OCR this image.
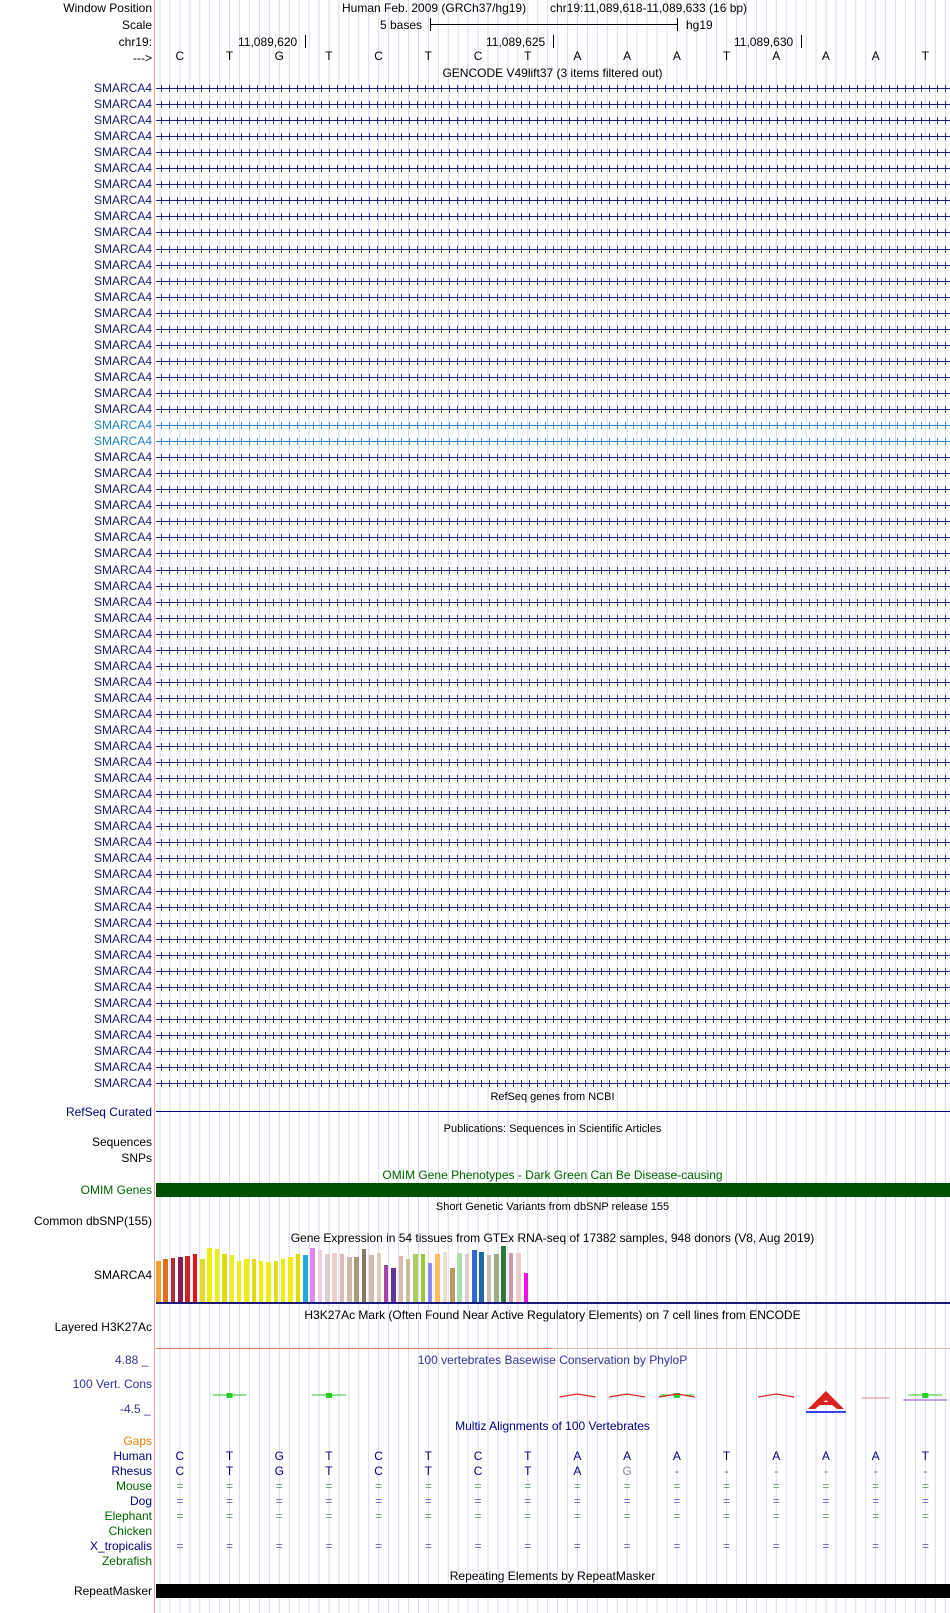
Window Position
Scale
chr19:
--->
Human Feb. 2009 (GRCh37/hg19) chr19:11,089,618-11,089,633 (16 bp)
5 bases	hg19
11,089,620	11,089,625	11,089,630
C	T	G	T	C	T	C	T	A	A	A	T	A	A	A	T
GENCODE V49lift37 (3 items filtered out)
SMARCA4
SMARCA4
SMARCA4
SMARCA4
SMARCA4
SMARCA4
SMARCA4
SMARCA4
SMARCA4
SMARCA4
SMARCA4
SMARCA4
SMARCA4
SMARCA4
SMARCA4
SMARCA4
SMARCA4
SMARCA4
SMARCA4
SMARCA4
SMARCA4
SMARCA4
SMARCA4
SMARCA4
SMARCA4
SMARCA4
SMARCA4
SMARCA4
SMARCA4
SMARCA4
SMARCA4
SMARCA4
SMARCA4
SMARCA4
SMARCA4
SMARCA4
SMARCA4
SMARCA4
SMARCA4
SMARCA4
SMARCA4
SMARCA4
SMARCA4
SMARCA4
SMARCA4
SMARCA4
SMARCA4
SMARCA4
SMARCA4
SMARCA4
SMARCA4
SMARCA4
SMARCA4
SMARCA4
SMARCA4
SMARCA4
SMARCA4
SMARCA4
SMARCA4
SMARCA4
SMARCA4
SMARCA4
SMARCA4
RefSeq genes from NCBI
RefSeq Curated
Publications: Sequences in Scientific Articles
Sequences
SNPs
OMIM Gene Phenotypes - Dark Green Can Be Disease-causing
OMIM Genes
Short Genetic Variants from dbSNP release 155
Common dbSNP(155)
Gene Expression in 54 tissues from GTEx RNA-seq of 17382 samples, 948 donors (V8, Aug 2019)
SMARCA4
H3K27Ac Mark (Often Found Near Active Regulatory Elements) on 7 cell lines from ENCODE
Layered H3K27Ac
100 vertebrates Basewise Conservation by PhyloP
4.88 _
100 Vert. Cons
-4.5 _
Multiz Alignments of 100 Vertebrates
Gaps
Human	C	T	G	T	C	T	C	T	A	A	A	T	A	A	A	T
Rhesus	C	T	G	T	C	T	C	T	A	G	-	-	-	-	-	-
Mouse	=	=	=	=	=	=	=	=	=	=	=	=	=	=	=	=
Dog	=	=	=	=	=	=	=	=	=	=	=	=	=	=	=	=
Elephant	=	=	=	=	=	=	=	=	=	=	=	=	=	=	=	=
Chicken
X_tropicalis	=	=	=	=	=	=	=	=	=	=	=	=	=	=	=	=
Zebrafish
Repeating Elements by RepeatMasker
RepeatMasker
